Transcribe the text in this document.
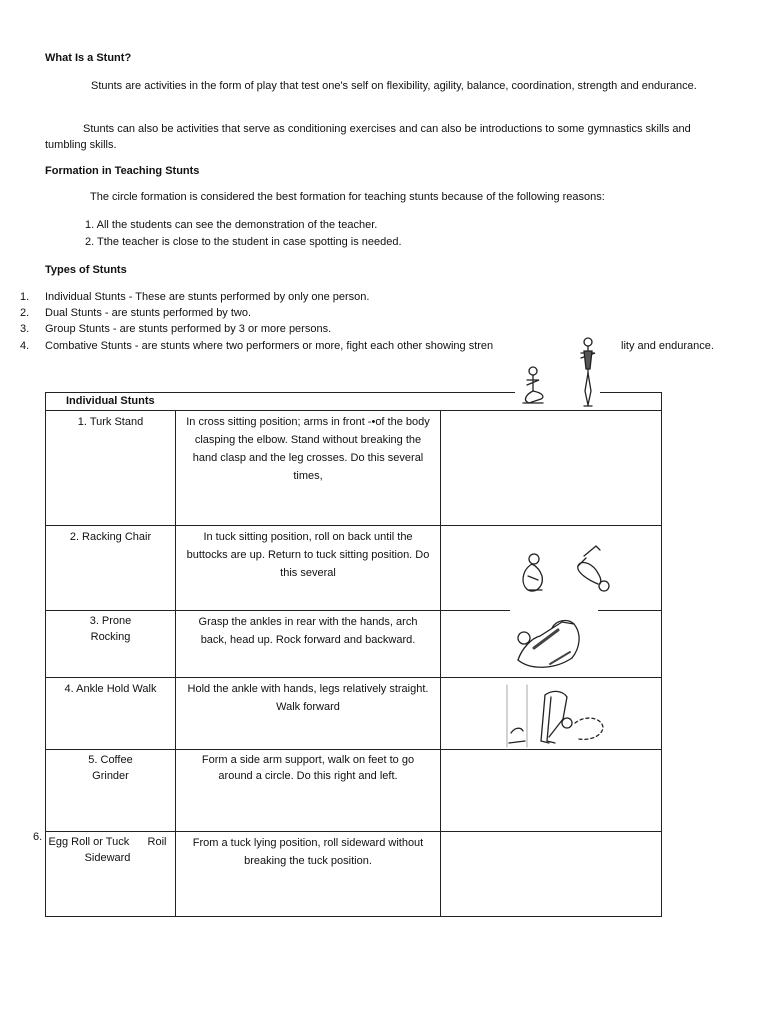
What Is a Stunt?
Stunts are activities in the form of play that test one's self on flexibility, agility, balance, coordination, strength and endurance.
Stunts can also be activities that serve as conditioning exercises and can also be introductions to some gymnastics skills and tumbling skills.
Formation in Teaching Stunts
The circle formation is considered the best formation for teaching stunts because of the following reasons:
1. All the students can see the demonstration of the teacher.
2. Tthe teacher is close to the student in case spotting is needed.
Types of Stunts
1. Individual Stunts - These are stunts performed by only one person.
2. Dual Stunts - are stunts performed by two.
3. Group Stunts - are stunts performed by 3 or more persons.
4. Combative Stunts - are stunts where two performers or more, fight each other showing stren	lity and endurance.
Individual Stunts		
1. Turk Stand	In cross sitting position; arms in front -•of the body clasping the elbow. Stand without breaking the hand clasp and the leg crosses. Do this several times,	
2. Racking Chair	In tuck sitting position, roll on back until the buttocks are up. Return to tuck sitting position. Do this several	
3. Prone Rocking	Grasp the ankles in rear with the hands, arch back, head up. Rock forward and backward.	
4. Ankle Hold Walk	Hold the ankle with hands, legs relatively straight. Walk forward	
5. Coffee Grinder	Form a side arm support, walk on feet to go around a circle. Do this right and left.	
Egg Roll or Tuck      Roil Sideward	From a tuck lying position, roll sideward without breaking the tuck position.	
6.
